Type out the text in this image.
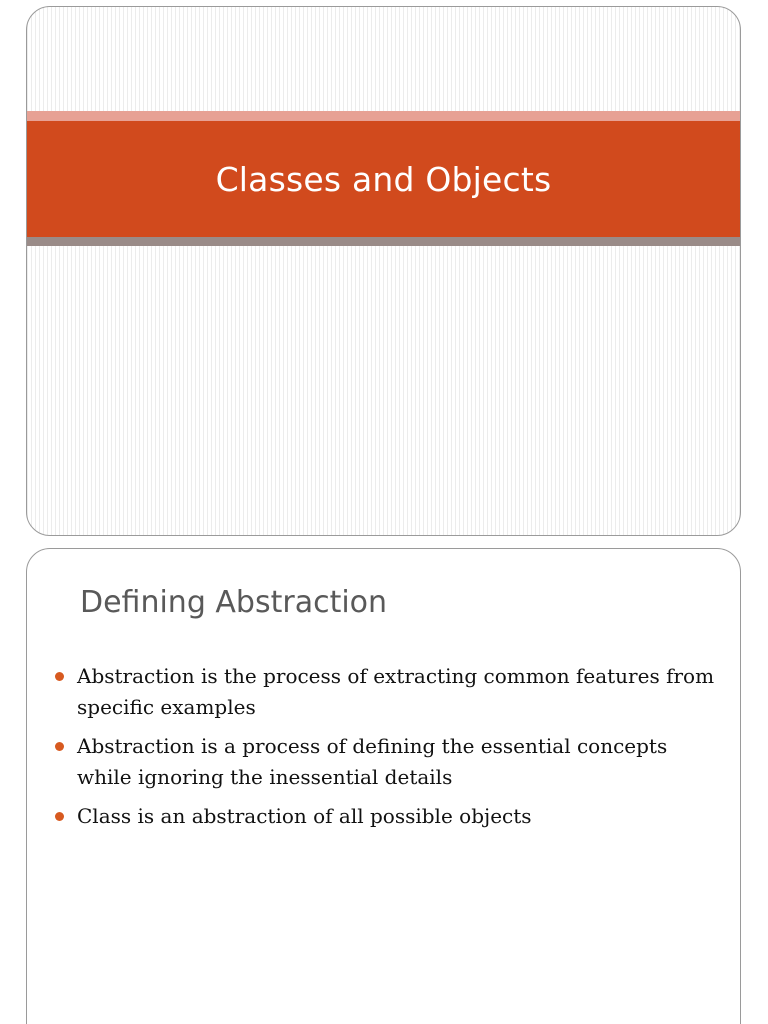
Classes and Objects
Defining Abstraction
Abstraction is the process of extracting common features from specific examples
Abstraction is a process of defining the essential concepts while ignoring the inessential details
Class is an abstraction of all possible objects
